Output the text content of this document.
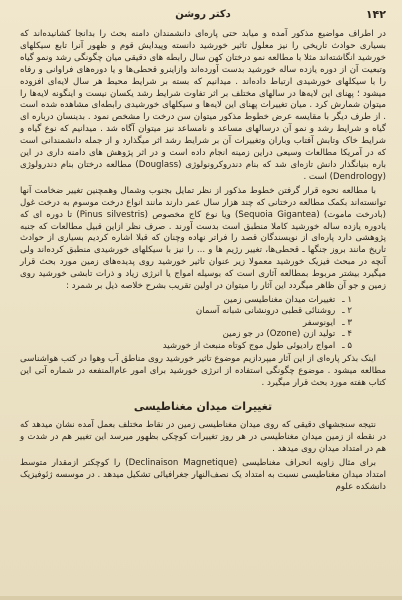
۱۴۲
دکتر روشن

در اطراف مواضیع مذکور آمده و میابد حتی پاره‌ای دانشمندان دامنه بحث را بدانجا کشانیده‌اند که بسیاری حوادث تاریخی را نیز معلول تاثیر خورشید دانسته وپیدایش قوم و ظهور آنرا تابع سیکلهای خورشید انگاشته‌اند مثلا با مطالعه نمو درختان کهن سال رابطه های دقیقی میان چگونگی رشد ونمو گیاه وتبعیت آن از دوره یازده ساله خورشید بدست آورده‌اند وازاینرو قحطی‌ها و یا دوره‌های فراوانی و رفاه را با سیکلهای خورشیدی ارتباط داده‌اند . میدانیم که بسته بر شرایط محیط هر سال لایه‌ای افزوده میشود ؛ پهنای این لایه‌ها در سالهای مختلف بر اثر تفاوت شرایط رشد یکسان نیست و اینگونه لایه‌ها را میتوان شمارش کرد . میان تغییرات پهنای این لایه‌ها و سیکلهای خورشیدی رابطه‌ای مشاهده شده است . از طرف دیگر با مقایسه عرض خطوط مذکور میتوان سن درخت را مشخص نمود . بدینسان درباره ای گیاه و شرایط رشد و نمو آن درسالهای مساعد و نامساعد نیز میتوان آگاه شد . میدانیم که نوع گیاه و شرایط خاک وتابش آفتاب وباران وتغییرات آن بر شرایط رشد اثر میگذارد و از جمله دانشمندانی است که در آمریکا مطالعات وسیعی دراین زمینه انجام داده است و در اثر پژوهش های دامنه داری در این باره بنیانگذار دانش تازه‌ای شد که بنام دندروکرونولوژی (Douglass) مطالعه درختان بنام دندرولوژی (Dendrology) است .

با مطالعه نحوه قرار گرفتن خطوط مذکور از نظر تمایل بجنوب وشمال وهمچنین تغییر ضخامت آنها توانسته‌اند بکمک مطالعه درختانی که چند هزار سال عمر دارند مانند انواع درخت موسوم به درخت غول (بادرخت ماموت) (Sequoia Gigantea) ویا نوع کاج مخصوص (Pinus silvestris) تا دوره ای که یادوره یازده ساله خورشید کاملا منطبق است بدست آورند . صرف نظر ازاین قبیل مطالعات که جنبه پژوهشی دارد پاره‌ای از نویسندگان قصد را فراتر نهاده وچنان که قبلا اشاره کردیم بسیاری از حوادث تاریخ مانند بروز جنگها ـ قحطی‌ها، تغییر رژیم ها و ... را نیز با سیکلهای خورشیدی منطبق کرده‌اند ولی آنچه در مبحث فیزیک خورشید معمولا زیر عنوان تاثیر خورشید روی پدیده‌های زمین مورد بحث قرار میگیرد بیشتر مربوط بمطالعه آثاری است که بوسیله امواج یا انرژی زیاد و ذرات تابشی خورشید روی زمین و جو آن ظاهر میگردد این آثار را میتوان در اولین تقریب بشرح خلاصه ذیل بر شمرد :

۱ ـ تغییرات میدان مغناطیسی زمین
۲ ـ روشنائی قطبی درونشانی شبانه آسمان
۳ ـ ایونوسفر
۴ ـ تولید ازن (Ozone) در جو زمین
۵ ـ امواج رادیوئی طول موج کوتاه منبعث از خورشید

اینک بذکر پاره‌ای از این آثار میپردازیم موضوع تاثیر خورشید روی مناطق آب وهوا در کتب هواشناسی مطالعه میشود . موضوع چگونگی استفاده از انرژی خورشید برای امور عام‌المنفعه در شماره آتی این کتاب هفته مورد بحث قرار میگیرد .

تغییرات میدان مغناطیسی

نتیجه سنجشهای دقیقی که روی میدان مغناطیسی زمین در نقاط مختلف بعمل آمده نشان میدهد که در نقطه از زمین میدان مغناطیسی در هر روز تغییرات کوچکی بظهور میرسد این تغییر هم در شدت و هم در امتداد میدان روی میدهد .

برای مثال زاویه انحراف مغناطیسی (Declinaison Magnetique) را کوچکتر ازمقدار متوسط امتداد میدان مغناطیسی نسبت به امتداد یک نصف‌النهار جغرافیائی تشکیل میدهد . در موسسه ژئوفیزیک دانشکده علوم
